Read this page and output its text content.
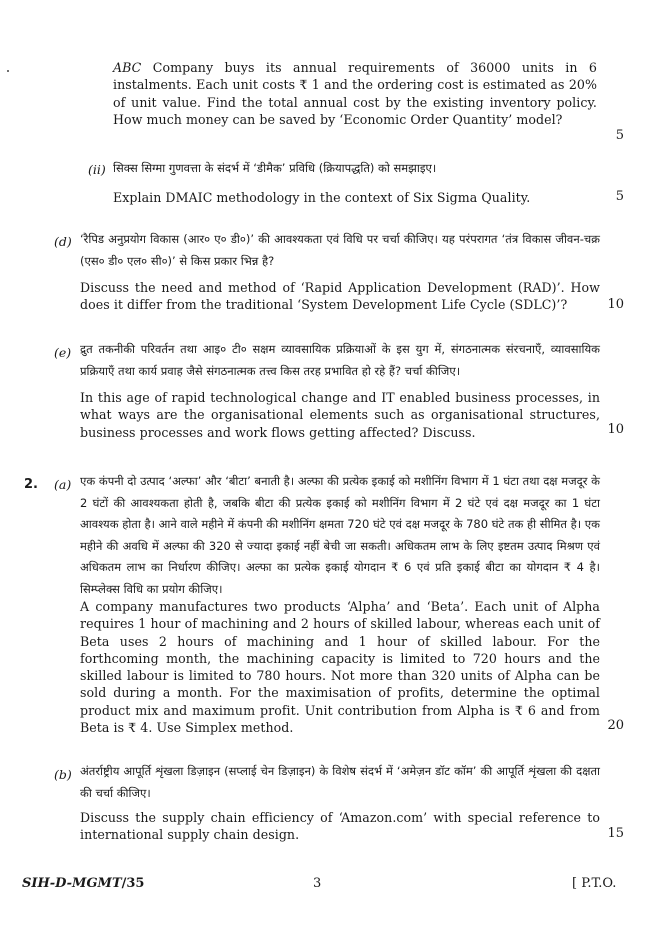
ABC Company buys its annual requirements of 36000 units in 6 instalments. Each unit costs ₹ 1 and the ordering cost is estimated as 20% of unit value. Find the total annual cost by the existing inventory policy. How much money can be saved by ‘Economic Order Quantity’ model?
5
(ii) सिक्स सिग्मा गुणवत्ता के संदर्भ में ‘डीमैक’ प्रविधि (क्रियापद्धति) को समझाइए।
Explain DMAIC methodology in the context of Six Sigma Quality.	5
(d) ‘रैपिड अनुप्रयोग विकास (आर० ए० डी०)’ की आवश्यकता एवं विधि पर चर्चा कीजिए। यह परंपरागत ‘तंत्र विकास जीवन-चक्र (एस० डी० एल० सी०)’ से किस प्रकार भिन्न है?
Discuss the need and method of ‘Rapid Application Development (RAD)’. How does it differ from the traditional ‘System Development Life Cycle (SDLC)’?	10
(e) द्रुत तकनीकी परिवर्तन तथा आइ० टी० सक्षम व्यावसायिक प्रक्रियाओं के इस युग में, संगठनात्मक संरचनाएँ, व्यावसायिक प्रक्रियाएँ तथा कार्य प्रवाह जैसे संगठनात्मक तत्त्व किस तरह प्रभावित हो रहे हैं? चर्चा कीजिए।
In this age of rapid technological change and IT enabled business processes, in what ways are the organisational elements such as organisational structures, business processes and work flows getting affected? Discuss.	10
2. (a) एक कंपनी दो उत्पाद ‘अल्फा’ और ‘बीटा’ बनाती है। अल्फा की प्रत्येक इकाई को मशीनिंग विभाग में 1 घंटा तथा दक्ष मजदूर के 2 घंटों की आवश्यकता होती है, जबकि बीटा की प्रत्येक इकाई को मशीनिंग विभाग में 2 घंटे एवं दक्ष मजदूर का 1 घंटा आवश्यक होता है। आने वाले महीने में कंपनी की मशीनिंग क्षमता 720 घंटे एवं दक्ष मजदूर के 780 घंटे तक ही सीमित है। एक महीने की अवधि में अल्फा की 320 से ज्यादा इकाई नहीं बेची जा सकती। अधिकतम लाभ के लिए इष्टतम उत्पाद मिश्रण एवं अधिकतम लाभ का निर्धारण कीजिए। अल्फा का प्रत्येक इकाई योगदान ₹ 6 एवं प्रति इकाई बीटा का योगदान ₹ 4 है। सिम्प्लेक्स विधि का प्रयोग कीजिए।
A company manufactures two products ‘Alpha’ and ‘Beta’. Each unit of Alpha requires 1 hour of machining and 2 hours of skilled labour, whereas each unit of Beta uses 2 hours of machining and 1 hour of skilled labour. For the forthcoming month, the machining capacity is limited to 720 hours and the skilled labour is limited to 780 hours. Not more than 320 units of Alpha can be sold during a month. For the maximisation of profits, determine the optimal product mix and maximum profit. Unit contribution from Alpha is ₹ 6 and from Beta is ₹ 4. Use Simplex method.	20
(b) अंतर्राष्ट्रीय आपूर्ति शृंखला डिज़ाइन (सप्लाई चेन डिज़ाइन) के विशेष संदर्भ में ‘अमेज़न डॉट कॉम’ की आपूर्ति शृंखला की दक्षता की चर्चा कीजिए।
Discuss the supply chain efficiency of ‘Amazon.com’ with special reference to international supply chain design.	15
SIH-D-MGMT/35	3	[ P.T.O.
